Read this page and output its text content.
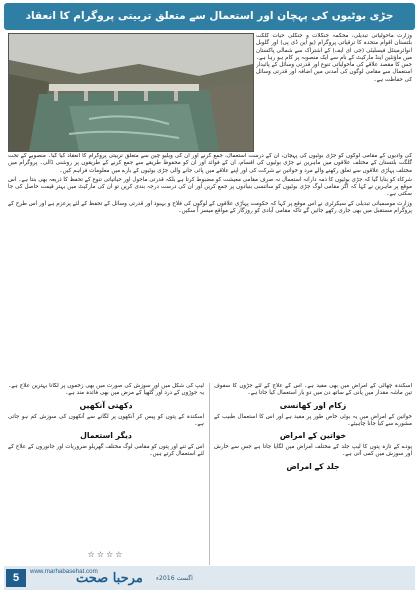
جڑی بوٹیوں کی پہچان اور استعمال سے متعلق تربیتی پروگرام کا انعقاد

وزارت ماحولیاتی تبدیلی، محکمہ جنگلات و جنگلی حیات گلگت بلتستان اقوام متحدہ کا ترقیاتی پروگرام (یو این ڈی پی) اور گلوبل انوائرمینٹل فیسلیٹی (جی ای ایف) کے اشتراک سے شمالی پاکستان میں ماؤنٹین اینڈ مارکیٹ کے نام سے ایک منصوبہ پر کام ہو رہا ہے۔ جس کا مقصد علاقے کی ماحولیاتی تنوع اور قدرتی وسائل کے پائیدار استعمال سے مقامی لوگوں کی آمدنی میں اضافہ اور قدرتی وسائل کی حفاظت ہے۔

کی وادیوں کے مقامی لوگوں کو جڑی بوٹیوں کی پہچان، ان کے درست استعمال، جمع کرنے اور ان کی ویلیو چین سے متعلق تربیتی پروگرام کا انعقاد کیا گیا۔ منصوبے کے تحت گلگت بلتستان کے مختلف علاقوں میں ماہرین نے جڑی بوٹیوں کی اقسام، ان کے فوائد اور ان کو محفوظ طریقے سے جمع کرنے کے طریقوں پر روشنی ڈالی۔ پروگرام میں مختلف پہاڑی علاقوں سے تعلق رکھنے والے مرد و خواتین نے شرکت کی اور اپنے علاقے میں پائی جانے والی جڑی بوٹیوں کے بارے میں معلومات فراہم کیں۔

شرکاء کو بتایا گیا کہ جڑی بوٹیوں کا ذمہ دارانہ استعمال نہ صرف مقامی معیشت کو مضبوط کرتا ہے بلکہ قدرتی ماحول اور حیاتیاتی تنوع کے تحفظ کا ذریعہ بھی بنتا ہے۔ اس موقع پر ماہرین نے کہا کہ اگر مقامی لوگ جڑی بوٹیوں کو سائنسی بنیادوں پر جمع کریں اور ان کی درست درجہ بندی کریں تو ان کی مارکیٹ میں بہتر قیمت حاصل کی جا سکتی ہے۔

وزارت موسمیاتی تبدیلی کے سیکرٹری نے اس موقع پر کہا کہ حکومت پہاڑی علاقوں کے لوگوں کی فلاح و بہبود اور قدرتی وسائل کے تحفظ کے لئے پرعزم ہے اور اس طرح کے پروگرام مستقبل میں بھی جاری رکھے جائیں گے تاکہ مقامی آبادی کو روزگار کے مواقع میسر آ سکیں۔

اسکندہ چھالی کے امراض میں بھی مفید ہے۔ اس کے علاج کے لئے جڑوں کا سفوف تین ماشہ مقدار میں پانی کے ساتھ دن میں دو بار استعمال کیا جاتا ہے۔

زکام اور کھانسی

خواتین کے امراض میں یہ بوٹی خاص طور پر مفید ہے اور اس کا استعمال طبیب کے مشورے سے کیا جانا چاہیئے۔

خواتین کے امراض

پودے کے تازہ پتوں کا لیپ جلد کے مختلف امراض میں لگایا جاتا ہے جس سے خارش اور سوزش میں کمی آتی ہے۔

جلد کے امراض

لیپ کی شکل میں اور سوزش کی صورت میں بھی زخموں پر لگانا بہترین علاج ہے۔ یہ جوڑوں کے درد اور گٹھیا کے مرض میں بھی فائدہ مند ہے۔

دکھتی آنکھیں

اسکندہ کے پتوں کو پیس کر آنکھوں پر لگانے سے آنکھوں کی سوزش کم ہو جاتی ہے۔

دیگر استعمال

اس کے تنے اور پتوں کو مقامی لوگ مختلف گھریلو ضروریات اور جانوروں کے علاج کے لئے استعمال کرتے ہیں۔

☆☆☆☆
5
www.marhabasehat.com
مرحبا صحت اگست 2016ء
